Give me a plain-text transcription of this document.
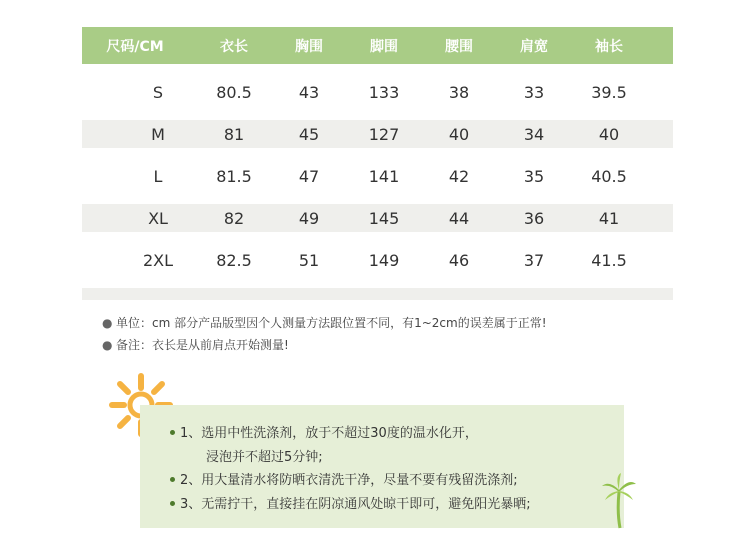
尺码/CM	衣长	胸围	脚围	腰围	肩宽	袖长
S	80.5	43	133	38	33	39.5
M	81	45	127	40	34	40
L	81.5	47	141	42	35	40.5
XL	82	49	145	44	36	41
2XL	82.5	51	149	46	37	41.5
● 单位：cm 部分产品版型因个人测量方法跟位置不同，有1~2cm的误差属于正常!
● 备注：衣长是从前肩点开始测量!
1、选用中性洗涤剂，放于不超过30度的温水化开，
浸泡并不超过5分钟;
2、用大量清水将防晒衣清洗干净，尽量不要有残留洗涤剂;
3、无需拧干，直接挂在阴凉通风处晾干即可，避免阳光暴晒;
